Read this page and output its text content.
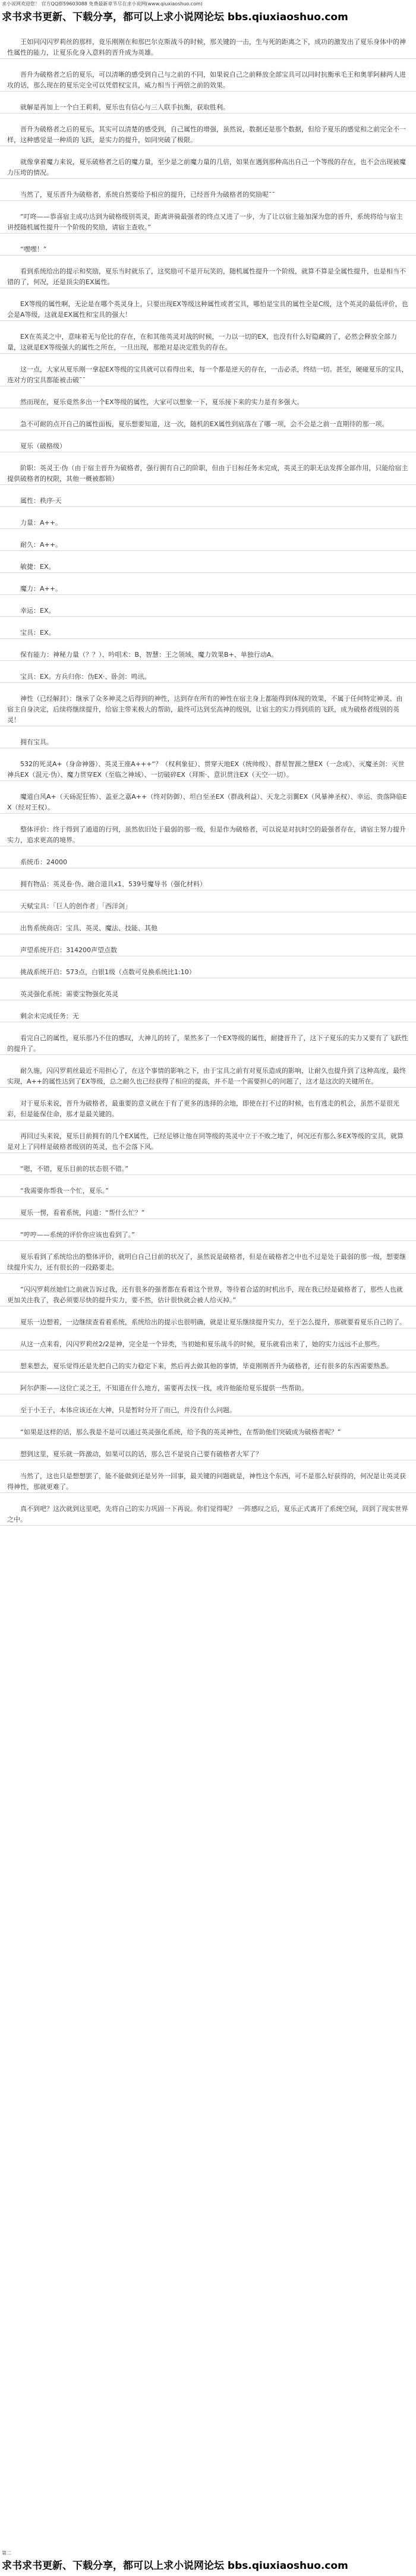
求小说网欢迎您！ 官方QQ群59603088 免费最新章节尽在求小说网(www.qiuxiaoshuo.com)
求书求书更新、下载分享，都可以上求小说网论坛 bbs.qiuxiaoshuo.com
王如同闪闪罗莉丝的那样，竟乐刚刚在和那巴尔克斯战斗的时候，那关键的一击，生与死的距离之下，成功的激发出了夏乐身体中的神性属性的能力，让夏乐化身入意料的晋升成为英雄。
晋升为破格者之后的夏乐，可以清晰的感受到自己与之前的不同，如果说自己之前释放全部宝具可以同时抗衡承毛王和奥菲阿赫两人进攻的话，那么现在的夏乐完全可以凭借权宝具，威力相当于两倍之前的效果。
就解是再加上一个白王莉莉，夏乐也有信心与三人联手抗衡，获取胜利。
晋升为破格者之后的夏乐，其实可以清楚的感受到，自己属性的增强，虽然说，数据还是那个数据，但给予夏乐的感觉和之前完全不一样，这种感觉是一种质的飞跃，是实力的提升，如同突破了极限。
就像拿着魔力来说，夏乐破格者之后的魔力量，至少是之前魔力量的几倍，如果在遇到那种高出自己一个等级的存在，也不会出现被魔力压垮的情况。
当然了，夏乐晋升为破格者，系统自然要给予相应的提升，已经晋升为破格者的奖励呢¯¯
“叮咚——恭喜宿主成功达到为破格级别英灵，距离讲骑最强者的终点又进了一步，为了让以宿主能加深为您的晋升，系统将给与宿主讲授随机属性提升一个阶级的奖励，请宿主查收。”
“嘿嘿！”
看到系统给出的提示和奖励，夏乐当时就乐了，这奖励可不是开玩笑的，随机属性提升一个阶级，就算不算是全属性提升，也是相当不错的了，何况，还是顶尖的EX属性。
EX等级的属性啊，无论是在哪个英灵身上，只要出现EX等级这种属性或者宝具，哪怕是宝具的属性全是C级，这个英灵的最低评价，也会是A等级，这就是EX属性和宝具的强大！
EX在英灵之中，意味着无与伦比的存在，在和其他英灵对战的时候，一力以一切的EX，也没有什么好隐藏的了，必然会释放全部力量，这就是EX等级强大的属性之所在，一旦出现，那绝对是决定胜负的存在。
这一点，大家从夏乐刚一拿起EX等级的宝具就可以看得出来，每一个都是逆天的存在，一击必杀，终结一切。甚至，硬碰夏乐的宝具，连对方的宝具都能被击破¯¯
然而现在，夏乐竟然多出一个EX等级的属性，大家可以想象一下，夏乐接下来的实力是有多强大。
急不可耐的点开自己的属性面板，夏乐想要知道，这一次，随机的EX属性到底落在了哪一项，会不会是之前一直期待的那一项。
夏乐（破格级）
阶职：英灵王·伪（由于宿主晋升为破格者，强行拥有自己的阶职，但由于目标任务未完成，英灵王的职无法发挥全部作用，只能给宿主提供破格者的权限，其他一概被都锁）
属性：秩序·天
力量：A++。
耐久：A++。
敏捷：EX。
魔力：A++。
幸运：EX。
宝具：EX。
保有能力：神秘力量（？？）、吟唱术：B、智慧：王之领域、魔力效果B+、单独行动A。
宝具：EX。方兵归你：伪EX·、卧剑：鸣讯。
神性（已经解封）：继承了众多神灵之后得到的神性，达到存在所有的神性在宿主身上都能得到体现的效果，不属于任何特定神灵、由宿主自身决定，后续将继续提升，给宿主带来极大的帮助，最终可达到至高神的级别，让宿主的实力得到质的飞跃，成为破格者级别的英灵！
拥有宝具。
532的死灵A+（身命神器）、英灵王座A+++“？（权利象征）、贯穿天地EX（统帅级）、群星智源之慧EX（一念成》、灭魔圣剑：灭世神兵EX（混元·伪）、魔力贯穿EX（至临之神域）、一切破碎EX（拜斯·、意识贯注EX（天空·一切）。
魔道白风A+（天砀泥狂怖）、盖亚之嘉A++（终对防御）、坦白至圣EX（群战利益）、天龙之羽翼EX（风暴神圣权）、幸运、贵落降临EX（经对王权）。
整体评价：终于得到了通道的行列，虽然依旧处于最弱的那一级，但是作为破格者，可以说是对抗时空的最强者存在，请宿主努力提升实力，追求更高的境界。
系统币：24000
拥有物品：英灵卷·伪、融合道具x1、539号魔导书（强化材料）
天赋宝具：「巨人的创作者」「西洋剑」
出售系统商店：宝具、英灵、魔法、技能、其他
声望系统开启：314200声望点数
挑战系统开启：573点，白银1级（点数可兑换系统比1:10）
英灵强化系统：需要宝物强化英灵
剩余未完成任务：无
看完自己的属性，夏乐那乃不住的感叹，大神儿的转了，果然多了一个EX等级的属性，耐捷晋升了，这下子夏乐的实力又要有了飞跃性的提升了。
耐久施，闪闪罗莉丝最近不用担心了，在这个事情的影响之下，由于宝具之前有对夏乐造成的影响，让耐久也提升到了这种高度，最终实现，A++的属性达到了EX等级，总之耐久也已经获得了相应的提高，并不是一个需要担心的问题了，这才是这次的关键所在。
对于夏乐来说，晋升为破格者，最重要的意义就在于有了更多的选择的余地，即使在打不过的时候，也有逃走的机会，虽然不是很光彩，但是能保住命，那才是最关键的。
再回过头来说，夏乐目前拥有的几个EX属性，已经足够让他在同等级的英灵中立于不败之地了，何况还有那么多EX等级的宝具，就算是对上了同样是破格者级别的英灵，也不会落下风。
“嗯，不错，夏乐目前的状态很不错。”
“我需要你帮我一个忙，夏乐。”
夏乐一愣，看着系统，问道：“帮什么忙？”
“哼哼——系统的评价你应该也看到了。”
夏乐看到了系统给出的整体评价，就明白自己目前的状况了，虽然说是破格者，但是在破格者之中也不过是处于最弱的那一级，想要继续提升实力，还有很长的一段路要走。
“闪闪罗莉丝她们之前就告诉过我，还有很多的强者都在看着这个世界，等待着合适的时机出手，现在我已经是破格者了，那些人也就更加关注我了，我必须要尽快的提升实力，要不然，估计很快就会被人给灭掉。”
夏乐一边想着，一边继续查看着系统，系统给出的提示也很明确，就是让夏乐继续提升实力，至于怎么提升，那就要看夏乐自己的了。
从这一点来看，闪闪罗莉丝2/2是神，完全是一个异类，当初她和夏乐战斗的时候，夏乐就看出来了，她的实力远远不止那些。
想来想去，夏乐觉得还是先把自己的实力稳定下来，然后再去做其他的事情，毕竟刚刚晋升为破格者，还有很多的东西需要熟悉。
阿尔萨斯——这位亡灵之王，不知道在什么地方，需要再去找一找，或许他能给夏乐提供一些帮助。
至于小王子，本体应该还在大神，只是暂时分开了而已，并没有什么问题。
“如果是这样的话，那么我是不是可以通过英灵强化系统，给予我的英灵神性，在帮助他们突破成为破格者呢？”
想到这里，夏乐就一阵激动，如果可以的话，那么岂不是说自己要有破格者大军了？
当然了，这也只是想想罢了，能不能做到还是另外一回事，最关键的问题就是，神性这个东西，可不是那么好获得的，何况是让英灵获得神性，那就更难了。
真不到吧？这次就到这里吧，先将自己的实力巩固一下再说。你们觉得呢？ 一阵感叹之后，夏乐正式离开了系统空间，回到了现实世界之中。
第二
求书求书更新、下载分享，都可以上求小说网论坛 bbs.qiuxiaoshuo.com
